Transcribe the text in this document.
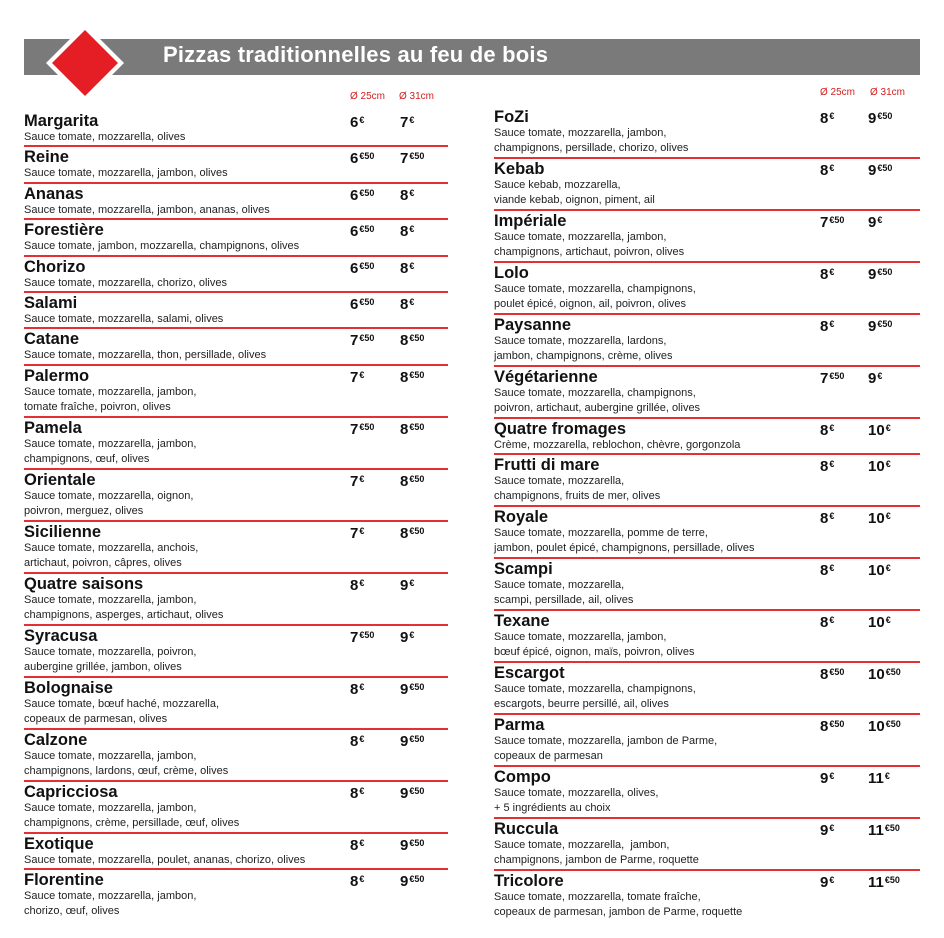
Pizzas traditionnelles au feu de bois
Ø 25cm Ø 31cm	Ø 25cm Ø 31cm
Margarita
Sauce tomate, mozzarella, olives
6€ 7€
Reine
Sauce tomate, mozzarella, jambon, olives
$6^{€50}$ $7^{€50}$
Ananas
Sauce tomate, mozzarella, jambon, ananas, olives
$6^{€50}$ 8€
Forestière
Sauce tomate, jambon, mozzarella, champignons, olives
$6^{€50}$ 8€
Chorizo
Sauce tomate, mozzarella, chorizo, olives
$6^{€50}$ 8€
Salami
Sauce tomate, mozzarella, salami, olives
$6^{€50}$ 8€
Catane
Sauce tomate, mozzarella, thon, persillade, olives
$7^{€50}$ $8^{€50}$
Palermo
Sauce tomate, mozzarella, jambon,
tomate fraîche, poivron, olives
7€ $8^{€50}$
Pamela
Sauce tomate, mozzarella, jambon,
champignons, œuf, olives
$7^{€50}$ $8^{€50}$
Orientale
Sauce tomate, mozzarella, oignon,
poivron, merguez, olives
7€ $8^{€50}$
Sicilienne
Sauce tomate, mozzarella, anchois,
artichaut, poivron, câpres, olives
7€ $8^{€50}$
Quatre saisons
Sauce tomate, mozzarella, jambon,
champignons, asperges, artichaut, olives
8€ 9€
Syracusa
Sauce tomate, mozzarella, poivron,
aubergine grillée, jambon, olives
$7^{€50}$ 9€
Bolognaise
Sauce tomate, bœuf haché, mozzarella,
copeaux de parmesan, olives
8€ $9^{€50}$
Calzone
Sauce tomate, mozzarella, jambon,
champignons, lardons, œuf, crème, olives
8€ $9^{€50}$
Capricciosa
Sauce tomate, mozzarella, jambon,
champignons, crème, persillade, œuf, olives
8€ $9^{€50}$
Exotique
Sauce tomate, mozzarella, poulet, ananas, chorizo, olives
8€ $9^{€50}$
Florentine
Sauce tomate, mozzarella, jambon,
chorizo, œuf, olives
8€ $9^{€50}$
FoZi
Sauce tomate, mozzarella, jambon,
champignons, persillade, chorizo, olives
8€ $9^{€50}$
Kebab
Sauce kebab, mozzarella,
viande kebab, oignon, piment, ail
8€ $9^{€50}$
Impériale
Sauce tomate, mozzarella, jambon,
champignons, artichaut, poivron, olives
$7^{€50}$ 9€
Lolo
Sauce tomate, mozzarella, champignons,
poulet épicé, oignon, ail, poivron, olives
8€ $9^{€50}$
Paysanne
Sauce tomate, mozzarella, lardons,
jambon, champignons, crème, olives
8€ $9^{€50}$
Végétarienne
Sauce tomate, mozzarella, champignons,
poivron, artichaut, aubergine grillée, olives
$7^{€50}$ 9€
Quatre fromages
Crème, mozzarella, reblochon, chèvre, gorgonzola
8€ 10€
Frutti di mare
Sauce tomate, mozzarella,
champignons, fruits de mer, olives
8€ 10€
Royale
Sauce tomate, mozzarella, pomme de terre,
jambon, poulet épicé, champignons, persillade, olives
8€ 10€
Scampi
Sauce tomate, mozzarella,
scampi, persillade, ail, olives
8€ 10€
Texane
Sauce tomate, mozzarella, jambon,
bœuf épicé, oignon, maïs, poivron, olives
8€ 10€
Escargot
Sauce tomate, mozzarella, champignons,
escargots, beurre persillé, ail, olives
$8^{€50}$ $10^{€50}$
Parma
Sauce tomate, mozzarella, jambon de Parme,
copeaux de parmesan
$8^{€50}$ $10^{€50}$
Compo
Sauce tomate, mozzarella, olives,
+ 5 ingrédients au choix
9€ 11€
Ruccula
Sauce tomate, mozzarella,  jambon,
champignons, jambon de Parme, roquette
9€ $11^{€50}$
Tricolore
Sauce tomate, mozzarella, tomate fraîche,
copeaux de parmesan, jambon de Parme, roquette
9€ $11^{€50}$
